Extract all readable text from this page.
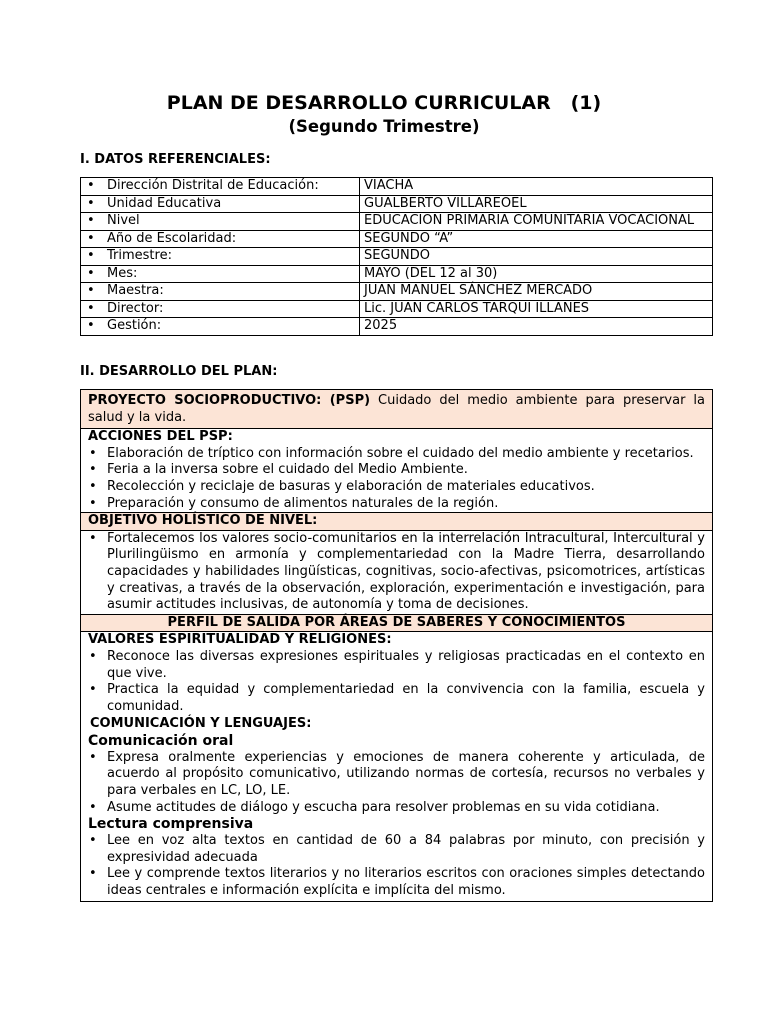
PLAN DE DESARROLLO CURRICULAR   (1)
(Segundo Trimestre)
I. DATOS REFERENCIALES:
• Dirección Distrital de Educación:	VIACHA

• Unidad Educativa	GUALBERTO VILLAREOEL

• Nivel	EDUCACION PRIMARIA COMUNITARIA VOCACIONAL

• Año de Escolaridad:	SEGUNDO “A”

• Trimestre:	SEGUNDO

• Mes:	MAYO (DEL 12 al 30)

• Maestra:	JUAN MANUEL SÁNCHEZ MERCADO

• Director:	Lic. JUAN CARLOS TARQUI ILLANES

• Gestión:	2025
II. DESARROLLO DEL PLAN:
PROYECTO SOCIOPRODUCTIVO: (PSP) Cuidado del medio ambiente para preservar la salud y la vida.
ACCIONES DEL PSP:
• Elaboración de tríptico con información sobre el cuidado del medio ambiente y recetarios.
• Feria a la inversa sobre el cuidado del Medio Ambiente.
• Recolección y reciclaje de basuras y elaboración de materiales educativos.
• Preparación y consumo de alimentos naturales de la región.
OBJETIVO HOLÍSTICO DE NIVEL:
• Fortalecemos los valores socio-comunitarios en la interrelación Intracultural, Intercultural y Plurilingüismo en armonía y complementariedad con la Madre Tierra, desarrollando capacidades y habilidades lingüísticas, cognitivas, socio-afectivas, psicomotrices, artísticas y creativas, a través de la observación, exploración, experimentación e investigación, para asumir actitudes inclusivas, de autonomía y toma de decisiones.
PERFIL DE SALIDA POR ÁREAS DE SABERES Y CONOCIMIENTOS
VALORES ESPIRITUALIDAD Y RELIGIONES:
• Reconoce las diversas expresiones espirituales y religiosas practicadas en el contexto en que vive.
• Practica la equidad y complementariedad en la convivencia con la familia, escuela y comunidad.
COMUNICACIÓN Y LENGUAJES:
Comunicación oral
• Expresa oralmente experiencias y emociones de manera coherente y articulada, de acuerdo al propósito comunicativo, utilizando normas de cortesía, recursos no verbales y para verbales en LC, LO, LE.
• Asume actitudes de diálogo y escucha para resolver problemas en su vida cotidiana.
Lectura comprensiva
• Lee en voz alta textos en cantidad de 60 a 84 palabras por minuto, con precisión y expresividad adecuada
• Lee y comprende textos literarios y no literarios escritos con oraciones simples detectando ideas centrales e información explícita e implícita del mismo.
